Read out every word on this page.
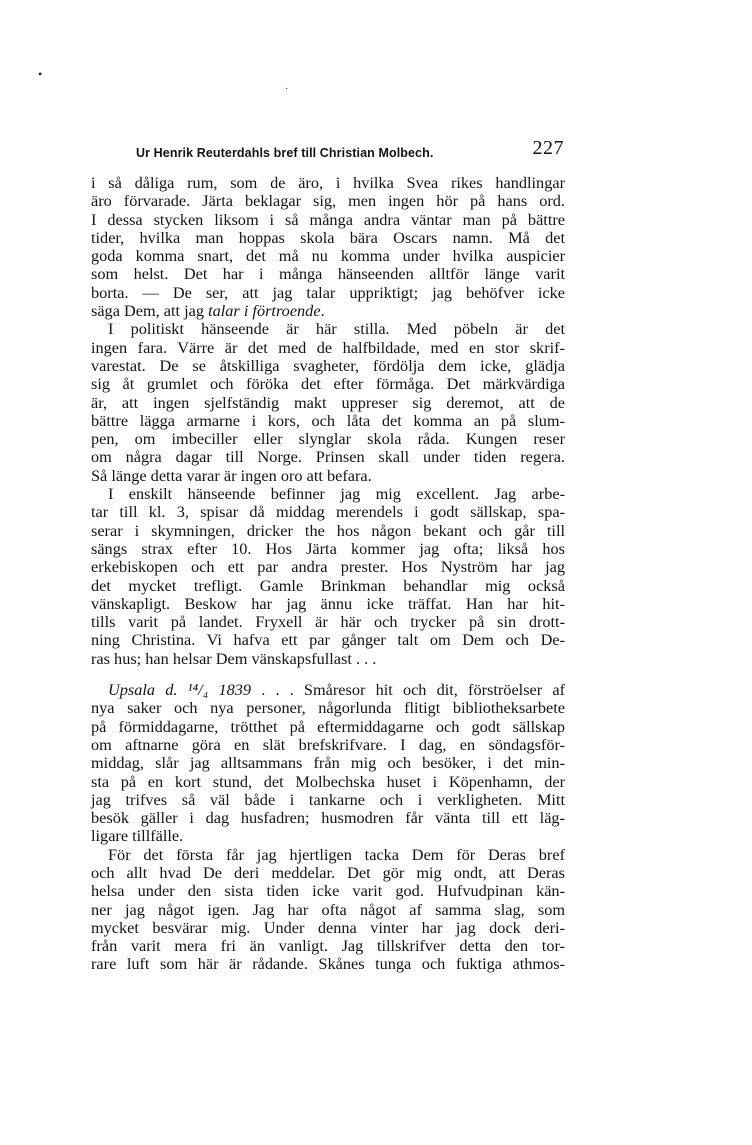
•
·
Ur Henrik Reuterdahls bref till Christian Molbech.	227
i så dåliga rum, som de äro, i hvilka Svea rikes handlingar
äro förvarade. Järta beklagar sig, men ingen hör på hans ord.
I dessa stycken liksom i så många andra väntar man på bättre
tider, hvilka man hoppas skola bära Oscars namn. Må det
goda komma snart, det må nu komma under hvilka auspicier
som helst. Det har i många hänseenden alltför länge varit
borta. — De ser, att jag talar uppriktigt; jag behöfver icke
säga Dem, att jag talar i förtroende.
I politiskt hänseende är här stilla. Med pöbeln är det
ingen fara. Värre är det med de halfbildade, med en stor skrif-
varestat. De se åtskilliga svagheter, fördölja dem icke, glädja
sig åt grumlet och föröka det efter förmåga. Det märkvärdiga
är, att ingen sjelfständig makt uppreser sig deremot, att de
bättre lägga armarne i kors, och låta det komma an på slum-
pen, om imbeciller eller slynglar skola råda. Kungen reser
om några dagar till Norge. Prinsen skall under tiden regera.
Så länge detta varar är ingen oro att befara.
I enskilt hänseende befinner jag mig excellent. Jag arbe-
tar till kl. 3, spisar då middag merendels i godt sällskap, spa-
serar i skymningen, dricker the hos någon bekant och går till
sängs strax efter 10. Hos Järta kommer jag ofta; likså hos
erkebiskopen och ett par andra prester. Hos Nyström har jag
det mycket trefligt. Gamle Brinkman behandlar mig också
vänskapligt. Beskow har jag ännu icke träffat. Han har hit-
tills varit på landet. Fryxell är här och trycker på sin drott-
ning Christina. Vi hafva ett par gånger talt om Dem och De-
ras hus; han helsar Dem vänskapsfullast . . .
Upsala d. ¹⁴/₄ 1839 . . . Småresor hit och dit, förströelser af
nya saker och nya personer, någorlunda flitigt bibliotheksarbete
på förmiddagarne, trötthet på eftermiddagarne och godt sällskap
om aftnarne göra en slät brefskrifvare. I dag, en söndagsför-
middag, slår jag alltsammans från mig och besöker, i det min-
sta på en kort stund, det Molbechska huset i Köpenhamn, der
jag trifves så väl både i tankarne och i verkligheten. Mitt
besök gäller i dag husfadren; husmodren får vänta till ett läg-
ligare tillfälle.
För det första får jag hjertligen tacka Dem för Deras bref
och allt hvad De deri meddelar. Det gör mig ondt, att Deras
helsa under den sista tiden icke varit god. Hufvudpinan kän-
ner jag något igen. Jag har ofta något af samma slag, som
mycket besvärar mig. Under denna vinter har jag dock deri-
från varit mera fri än vanligt. Jag tillskrifver detta den tor-
rare luft som här är rådande. Skånes tunga och fuktiga athmos-
